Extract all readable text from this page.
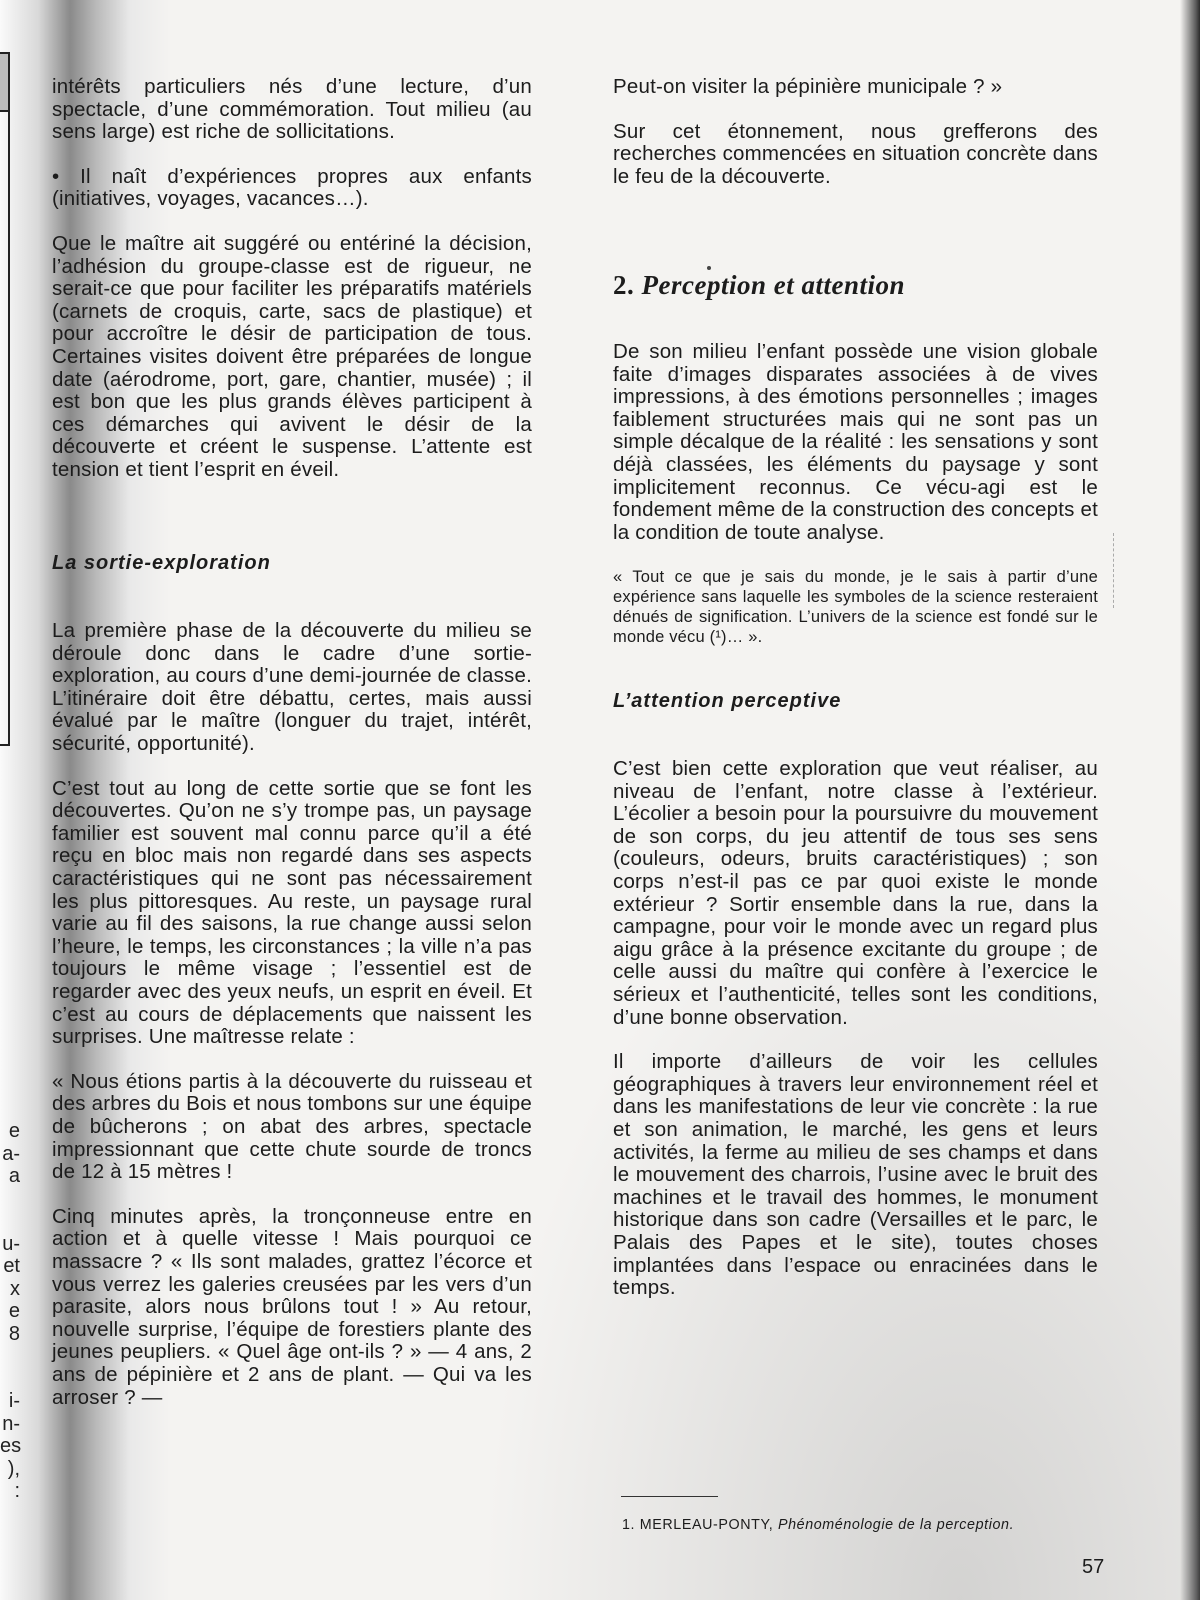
e
a-
a
u-
et
x
e
8
i-
n-
es
),
:

intérêts particuliers nés d’une lecture, d’un spectacle, d’une commémoration. Tout milieu (au sens large) est riche de sollicitations.

• Il naît d’expériences propres aux enfants (initiatives, voyages, vacances…).

Que le maître ait suggéré ou entériné la décision, l’adhésion du groupe-classe est de rigueur, ne serait-ce que pour faciliter les préparatifs matériels (carnets de croquis, carte, sacs de plastique) et pour accroître le désir de participation de tous. Certaines visites doivent être préparées de longue date (aérodrome, port, gare, chantier, musée) ; il est bon que les plus grands élèves participent à ces démarches qui avivent le désir de la découverte et créent le suspense. L’attente est tension et tient l’esprit en éveil.

La sortie-exploration

La première phase de la découverte du milieu se déroule donc dans le cadre d’une sortie-exploration, au cours d’une demi-journée de classe. L’itinéraire doit être débattu, certes, mais aussi évalué par le maître (longuer du trajet, intérêt, sécurité, opportunité).

C’est tout au long de cette sortie que se font les découvertes. Qu’on ne s’y trompe pas, un paysage familier est souvent mal connu parce qu’il a été reçu en bloc mais non regardé dans ses aspects caractéristiques qui ne sont pas nécessairement les plus pittoresques. Au reste, un paysage rural varie au fil des saisons, la rue change aussi selon l’heure, le temps, les circonstances ; la ville n’a pas toujours le même visage ; l’essentiel est de regarder avec des yeux neufs, un esprit en éveil. Et c’est au cours de déplacements que naissent les surprises. Une maîtresse relate :

« Nous étions partis à la découverte du ruisseau et des arbres du Bois et nous tombons sur une équipe de bûcherons ; on abat des arbres, spectacle impressionnant que cette chute sourde de troncs de 12 à 15 mètres !

Cinq minutes après, la tronçonneuse entre en action et à quelle vitesse ! Mais pourquoi ce massacre ? « Ils sont malades, grattez l’écorce et vous verrez les galeries creusées par les vers d’un parasite, alors nous brûlons tout ! » Au retour, nouvelle surprise, l’équipe de forestiers plante des jeunes peupliers. « Quel âge ont-ils ? » — 4 ans, 2 ans de pépinière et 2 ans de plant. — Qui va les arroser ? —

Peut-on visiter la pépinière municipale ? »

Sur cet étonnement, nous grefferons des recherches commencées en situation concrète dans le feu de la découverte.

2. Perception et attention

De son milieu l’enfant possède une vision globale faite d’images disparates associées à de vives impressions, à des émotions personnelles ; images faiblement structurées mais qui ne sont pas un simple décalque de la réalité : les sensations y sont déjà classées, les éléments du paysage y sont implicitement reconnus. Ce vécu-agi est le fondement même de la construction des concepts et la condition de toute analyse.

« Tout ce que je sais du monde, je le sais à partir d’une expérience sans laquelle les symboles de la science resteraient dénués de signification. L’univers de la science est fondé sur le monde vécu (¹)… ».

L’attention perceptive

C’est bien cette exploration que veut réaliser, au niveau de l’enfant, notre classe à l’extérieur. L’écolier a besoin pour la poursuivre du mouvement de son corps, du jeu attentif de tous ses sens (couleurs, odeurs, bruits caractéristiques) ; son corps n’est-il pas ce par quoi existe le monde extérieur ? Sortir ensemble dans la rue, dans la campagne, pour voir le monde avec un regard plus aigu grâce à la présence excitante du groupe ; de celle aussi du maître qui confère à l’exercice le sérieux et l’authenticité, telles sont les conditions, d’une bonne observation.

Il importe d’ailleurs de voir les cellules géographiques à travers leur environnement réel et dans les manifestations de leur vie concrète : la rue et son animation, le marché, les gens et leurs activités, la ferme au milieu de ses champs et dans le mouvement des charrois, l’usine avec le bruit des machines et le travail des hommes, le monument historique dans son cadre (Versailles et le parc, le Palais des Papes et le site), toutes choses implantées dans l’espace ou enracinées dans le temps.

1. MERLEAU-PONTY, Phénoménologie de la perception.
57
